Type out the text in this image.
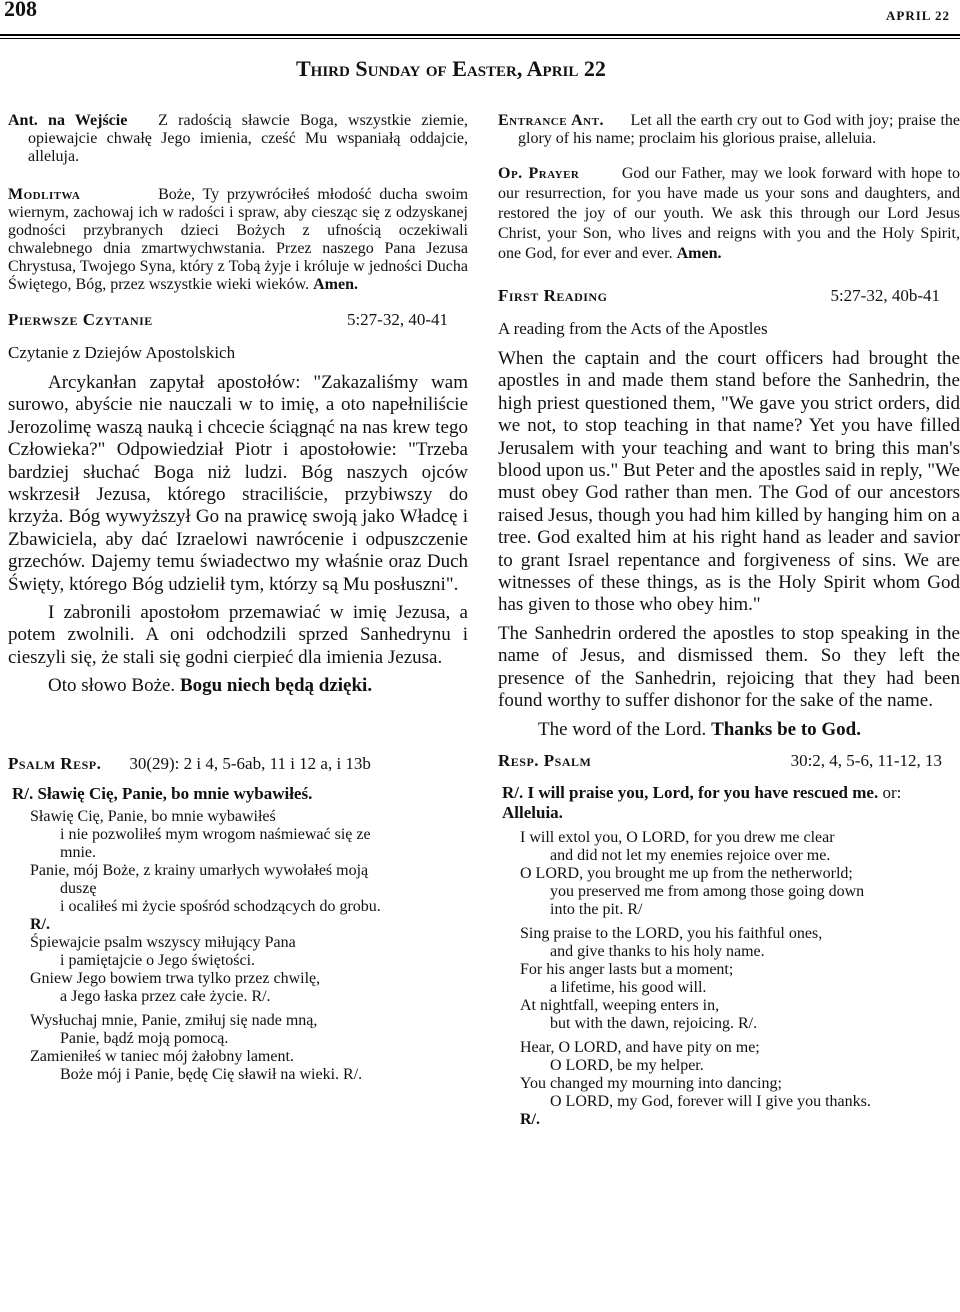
208	APRIL 22
Third Sunday of Easter, April 22

Ant. na Wejście Z radością sławcie Boga, wszystkie ziemie, opiewajcie chwałę Jego imienia, cześć Mu wspaniałą oddajcie, alleluja.

Modlitwa	Boże, Ty przywróciłeś młodość ducha swoim wiernym, zachowaj ich w radości i spraw, aby ciesząc się z odzyskanej godności przybranych dzieci Bożych z ufnością oczekiwali chwalebnego dnia zmartwychwstania. Przez naszego Pana Jezusa Chrystusa, Twojego Syna, który z Tobą żyje i króluje w jedności Ducha Świętego, Bóg, przez wszystkie wieki wieków. Amen.

Pierwsze Czytanie	5:27-32, 40-41

Czytanie z Dziejów Apostolskich

Arcykanłan zapytał apostołów: "Zakazaliśmy wam surowo, abyście nie nauczali w to imię, a oto napełniliście Jerozolimę waszą nauką i chcecie ściągnąć na nas krew tego Człowieka?" Odpowiedział Piotr i apostołowie: "Trzeba bardziej słuchać Boga niż ludzi. Bóg naszych ojców wskrzesił Jezusa, którego straciliście, przybiwszy do krzyża. Bóg wywyższył Go na prawicę swoją jako Władcę i Zbawiciela, aby dać Izraelowi nawrócenie i odpuszczenie grzechów. Dajemy temu świadectwo my właśnie oraz Duch Święty, którego Bóg udzielił tym, którzy są Mu posłuszni".

I zabronili apostołom przemawiać w imię Jezusa, a potem zwolnili. A oni odchodzili sprzed Sanhedrynu i cieszyli się, że stali się godni cierpieć dla imienia Jezusa.

Oto słowo Boże. Bogu niech będą dzięki.

Psalm Resp. 30(29): 2 i 4, 5-6ab, 11 i 12 a, i 13b

R/. Sławię Cię, Panie, bo mnie wybawiłeś.

Sławię Cię, Panie, bo mnie wybawiłeś
i nie pozwoliłeś mym wrogom naśmiewać się ze
mnie.
Panie, mój Boże, z krainy umarłych wywołałeś moją
duszę
i ocaliłeś mi życie spośród schodzących do grobu.
R/.
Śpiewajcie psalm wszyscy miłujący Pana
i pamiętajcie o Jego świętości.
Gniew Jego bowiem trwa tylko przez chwilę,
a Jego łaska przez całe życie. R/.
Wysłuchaj mnie, Panie, zmiłuj się nade mną,
Panie, bądź moją pomocą.
Zamieniłeś w taniec mój żałobny lament.
Boże mój i Panie, będę Cię sławił na wieki. R/.

Entrance Ant. Let all the earth cry out to God with joy; praise the glory of his name; proclaim his glorious praise, alleluia.

Op. Prayer	God our Father, may we look forward with hope to our resurrection, for you have made us your sons and daughters, and restored the joy of our youth. We ask this through our Lord Jesus Christ, your Son, who lives and reigns with you and the Holy Spirit, one God, for ever and ever. Amen.

First Reading	5:27-32, 40b-41

A reading from the Acts of the Apostles

When the captain and the court officers had brought the apostles in and made them stand before the Sanhedrin, the high priest questioned them, "We gave you strict orders, did we not, to stop teaching in that name? Yet you have filled Jerusalem with your teaching and want to bring this man's blood upon us." But Peter and the apostles said in reply, "We must obey God rather than men. The God of our ancestors raised Jesus, though you had him killed by hanging him on a tree. God exalted him at his right hand as leader and savior to grant Israel repentance and forgiveness of sins. We are witnesses of these things, as is the Holy Spirit whom God has given to those who obey him."

The Sanhedrin ordered the apostles to stop speaking in the name of Jesus, and dismissed them. So they left the presence of the Sanhedrin, rejoicing that they had been found worthy to suffer dishonor for the sake of the name.

The word of the Lord. Thanks be to God.

Resp. Psalm	30:2, 4, 5-6, 11-12, 13

R/. I will praise you, Lord, for you have rescued me. or: Alleluia.

I will extol you, O LORD, for you drew me clear
and did not let my enemies rejoice over me.
O LORD, you brought me up from the netherworld;
you preserved me from among those going down
into the pit. R/
Sing praise to the LORD, you his faithful ones,
and give thanks to his holy name.
For his anger lasts but a moment;
a lifetime, his good will.
At nightfall, weeping enters in,
but with the dawn, rejoicing. R/.
Hear, O LORD, and have pity on me;
O LORD, be my helper.
You changed my mourning into dancing;
O LORD, my God, forever will I give you thanks.
R/.
